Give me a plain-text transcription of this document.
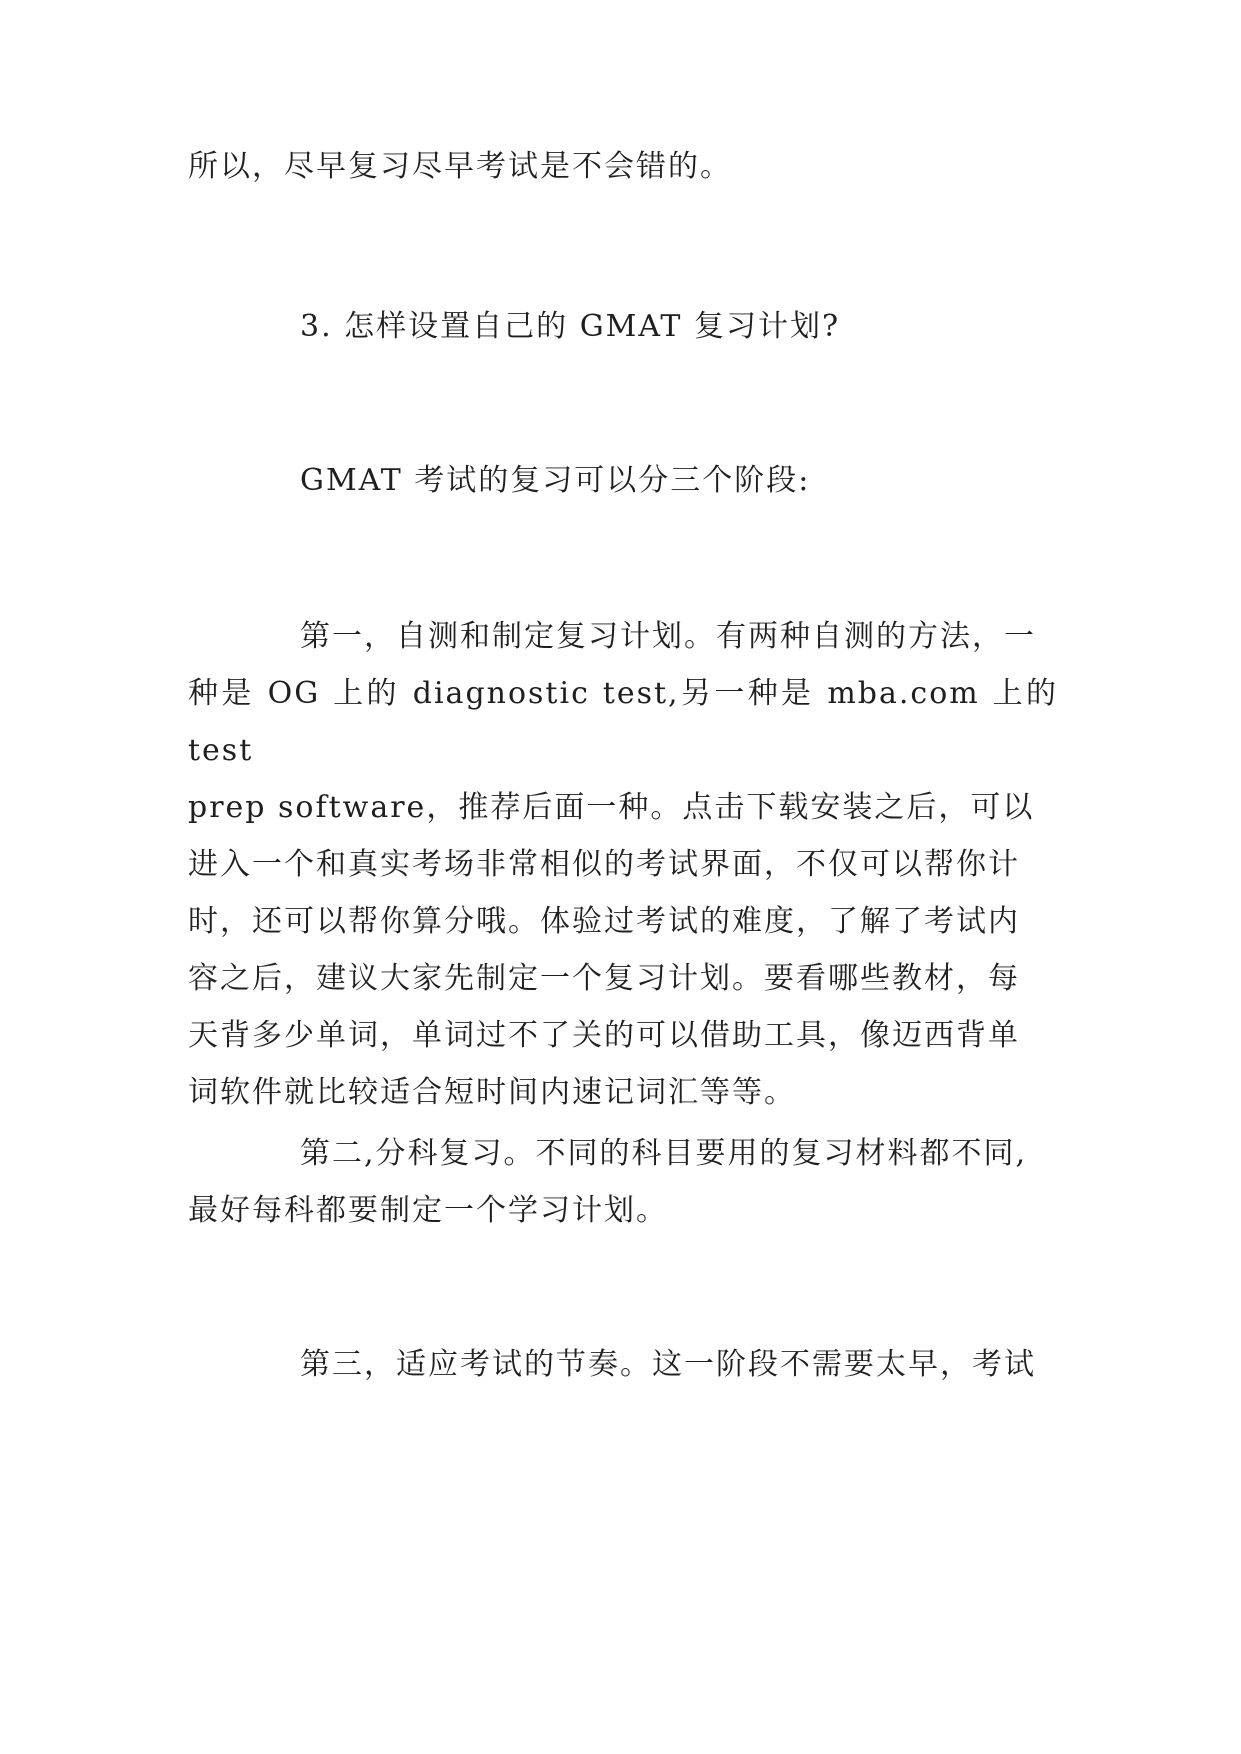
所以，尽早复习尽早考试是不会错的。

3. 怎样设置自己的 GMAT 复习计划?

GMAT 考试的复习可以分三个阶段:

第一，自测和制定复习计划。有两种自测的方法，一
种是 OG 上的 diagnostic test,另一种是 mba.com 上的 test
prep software，推荐后面一种。点击下载安装之后，可以
进入一个和真实考场非常相似的考试界面，不仅可以帮你计
时，还可以帮你算分哦。体验过考试的难度，了解了考试内
容之后，建议大家先制定一个复习计划。要看哪些教材，每
天背多少单词，单词过不了关的可以借助工具，像迈西背单
词软件就比较适合短时间内速记词汇等等。

第二,分科复习。不同的科目要用的复习材料都不同,
最好每科都要制定一个学习计划。

第三，适应考试的节奏。这一阶段不需要太早，考试
